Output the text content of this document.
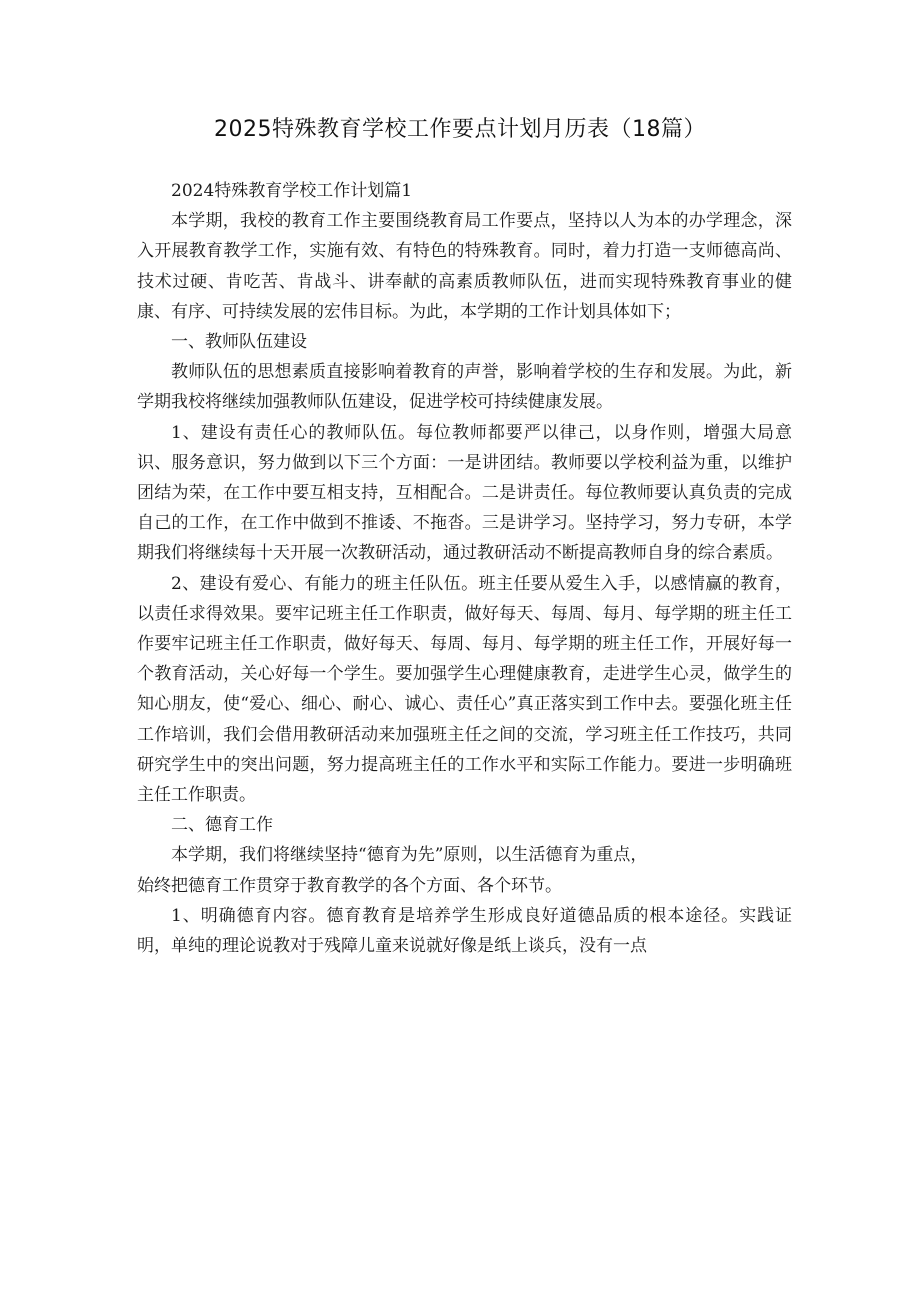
2025特殊教育学校工作要点计划月历表（18篇）

2024特殊教育学校工作计划篇1

本学期，我校的教育工作主要围绕教育局工作要点，坚持以人为本的办学理念，深入开展教育教学工作，实施有效、有特色的特殊教育。同时，着力打造一支师德高尚、技术过硬、肯吃苦、肯战斗、讲奉献的高素质教师队伍，进而实现特殊教育事业的健康、有序、可持续发展的宏伟目标。为此，本学期的工作计划具体如下；

一、教师队伍建设

教师队伍的思想素质直接影响着教育的声誉，影响着学校的生存和发展。为此，新学期我校将继续加强教师队伍建设，促进学校可持续健康发展。

1、建设有责任心的教师队伍。每位教师都要严以律己，以身作则，增强大局意识、服务意识，努力做到以下三个方面：一是讲团结。教师要以学校利益为重，以维护团结为荣，在工作中要互相支持，互相配合。二是讲责任。每位教师要认真负责的完成自己的工作，在工作中做到不推诿、不拖沓。三是讲学习。坚持学习，努力专研，本学期我们将继续每十天开展一次教研活动，通过教研活动不断提高教师自身的综合素质。

2、建设有爱心、有能力的班主任队伍。班主任要从爱生入手，以感情赢的教育，以责任求得效果。要牢记班主任工作职责，做好每天、每周、每月、每学期的班主任工作要牢记班主任工作职责，做好每天、每周、每月、每学期的班主任工作，开展好每一个教育活动，关心好每一个学生。要加强学生心理健康教育，走进学生心灵，做学生的知心朋友，使“爱心、细心、耐心、诚心、责任心”真正落实到工作中去。要强化班主任工作培训，我们会借用教研活动来加强班主任之间的交流，学习班主任工作技巧，共同研究学生中的突出问题，努力提高班主任的工作水平和实际工作能力。要进一步明确班主任工作职责。

二、德育工作

本学期，我们将继续坚持“德育为先”原则，以生活德育为重点，

始终把德育工作贯穿于教育教学的各个方面、各个环节。

1、明确德育内容。德育教育是培养学生形成良好道德品质的根本途径。实践证明，单纯的理论说教对于残障儿童来说就好像是纸上谈兵，没有一点
